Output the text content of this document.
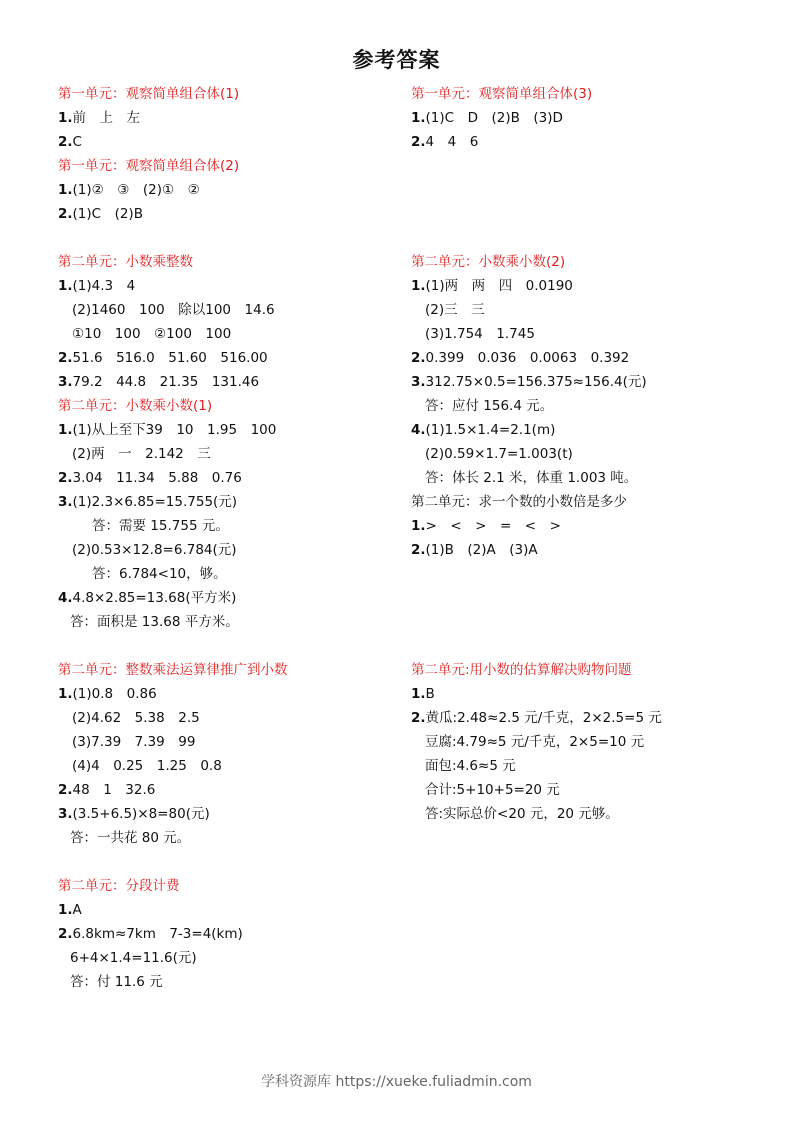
参考答案
第一单元：观察简单组合体(1)
1.前　上　左
2.C
第一单元：观察简单组合体(2)
1.(1)②　③　(2)①　②
2.(1)C　(2)B
第二单元：小数乘整数
1.(1)4.3　4
(2)1460　100　除以100　14.6
①10　100　②100　100
2.51.6　516.0　51.60　516.00
3.79.2　44.8　21.35　131.46
第二单元：小数乘小数(1)
1.(1)从上至下39　10　1.95　100
(2)两　一　2.142　三
2.3.04　11.34　5.88　0.76
3.(1)2.3×6.85=15.755(元)
答：需要 15.755 元。
(2)0.53×12.8=6.784(元)
答：6.784<10，够。
4.4.8×2.85=13.68(平方米)
答：面积是 13.68 平方米。
第二单元：整数乘法运算律推广到小数
1.(1)0.8　0.86
(2)4.62　5.38　2.5
(3)7.39　7.39　99
(4)4　0.25　1.25　0.8
2.48　1　32.6
3.(3.5+6.5)×8=80(元)
答：一共花 80 元。
第二单元：分段计费
1.A
2.6.8km≈7km　7-3=4(km)
6+4×1.4=11.6(元)
答：付 11.6 元
第一单元：观察简单组合体(3)
1.(1)C　D　(2)B　(3)D
2.4　4　6
第二单元：小数乘小数(2)
1.(1)两　两　四　0.0190
(2)三　三
(3)1.754　1.745
2.0.399　0.036　0.0063　0.392
3.312.75×0.5=156.375≈156.4(元)
答：应付 156.4 元。
4.(1)1.5×1.4=2.1(m)
(2)0.59×1.7=1.003(t)
答：体长 2.1 米，体重 1.003 吨。
第二单元：求一个数的小数倍是多少
1.>　<　>　=　<　>
2.(1)B　(2)A　(3)A
第二单元:用小数的估算解决购物问题
1.B
2.黄瓜:2.48≈2.5 元/千克，2×2.5=5 元
豆腐:4.79≈5 元/千克，2×5=10 元
面包:4.6≈5 元
合计:5+10+5=20 元
答:实际总价<20 元，20 元够。
学科资源库 https://xueke.fuliadmin.com
